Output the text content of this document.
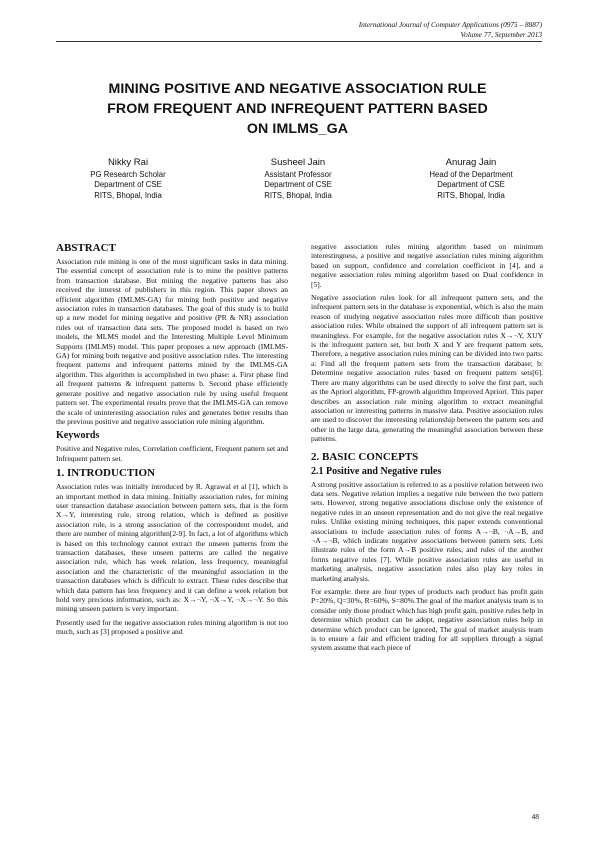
International Journal of Computer Applications (0975 – 8887)
Volume 77, September 2013
MINING POSITIVE AND NEGATIVE ASSOCIATION RULE
FROM FREQUENT AND INFREQUENT PATTERN BASED
ON IMLMS_GA
Nikky Rai
PG Research Scholar
Department of CSE
RITS, Bhopal, India
Susheel Jain
Assistant Professor
Department of CSE
RITS, Bhopal, India
Anurag Jain
Head of the Department
Department of CSE
RITS, Bhopal, India
ABSTRACT

Association rule mining is one of the most significant tasks in data mining. The essential concept of association rule is to mine the positive patterns from transaction database. But mining the negative patterns has also received the interest of publishers in this region. This paper shows an efficient algorithm (IMLMS-GA) for mining both positive and negative association rules in transaction databases. The goal of this study is to build up a new model for mining negative and positive (PR & NR) association rules out of transaction data sets. The proposed model is based on two models, the MLMS model and the Interesting Multiple Level Minimum Supports (IMLMS) model. This paper proposes a new approach (IMLMS-GA) for mining both negative and positive association rules. The interesting frequent patterns and infrequent patterns mined by the IMLMS-GA algorithm. This algorithm is accomplished in two phase: a. First phase find all frequent patterns & infrequent patterns b. Second phase efficiently generate positive and negative association rule by using useful frequent pattern set. The experimental results prove that the IMLMS-GA can remove the scale of uninteresting association rules and generates better results than the previous positive and negative association rule mining algorithm.

Keywords

Positive and Negative rules, Correlation coefficient, Frequent pattern set and Infrequent pattern set.

1. INTRODUCTION

Association rules was initially introduced by R. Agrawal et al [1], which is an important method in data mining. Initially association rules, for mining user transaction database association between pattern sets, that is the form X→Y, interesting rule, strong relation, which is defined as positive association rule, is a strong association of the correspondent model, and there are number of mining algorithm[2-9]. In fact, a lot of algorithms which is based on this technology cannot extract the unseen patterns from the transaction databases, these unseen patterns are called the negative association rule, which has week relation, less frequency, meaningful association and the characteristic of the meaningful association in the transaction databases which is difficult to extract. These rules describe that which data pattern has less frequency and it can define a week relation but hold very precious information, such as: X→¬Y, ¬X→Y, ¬X→¬Y. So this mining unseen pattern is very important.

Presently used for the negative association rules mining algorithm is not too much, such as [3] proposed a positive and

negative association rules mining algorithm based on minimum interestingness, a positive and negative association rules mining algorithm based on support, confidence and correlation coefficient in [4], and a negative association rules mining algorithm based on Dual confidence in [5].

Negative association rules look for all infrequent pattern sets, and the infrequent pattern sets in the database is exponential, which is also the main reason of studying negative association rules more difficult than positive association rules. While obtained the support of all infrequent pattern set is meaningless. For example, for the negative association rules X→¬Y, XUY is the infrequent pattern set, but both X and Y are frequent pattern sets, Therefore, a negative association rules mining can be divided into two parts: a: Find all the frequent pattern sets from the transaction database; b: Determine negative association rules based on frequent pattern sets[6]. There are many algorithms can be used directly to solve the first part, such as the Apriori algorithm, FP-growth algorithm Improved Apriori. This paper describes an association rule mining algorithm to extract meaningful association or interesting patterns in massive data. Positive association rules are used to discover the interesting relationship between the pattern sets and other in the large data, generating the meaningful association between these patterns.

2. BASIC CONCEPTS
2.1 Positive and Negative rules

A strong positive association is referred to as a positive relation between two data sets. Negative relation implies a negative rule between the two pattern sets. However, strong negative associations disclose only the existence of negative rules in an unseen representation and do not give the real negative rules. Unlike existing mining techniques, this paper extends conventional associations to include association rules of forms A→¬B, ¬A→B, and ¬A→¬B, which indicate negative associations between pattern sets. Lets illustrate rules of the form A→B positive rules, and rules of the another forms negative rules [7]. While positive association rules are useful in marketing analysis, negative association rules also play key roles in marketing analysis.

For example: there are four types of products each product has profit gain P=20%, Q=30%, R=60%, S=80%.The goal of the market analysis team is to consider only those product which has high profit gain, positive rules help in determine which product can be adopt, negative association rules help in determine which product can be ignored, The goal of market analysis team is to ensure a fair and efficient trading for all suppliers through a signal system assume that each piece of

48
